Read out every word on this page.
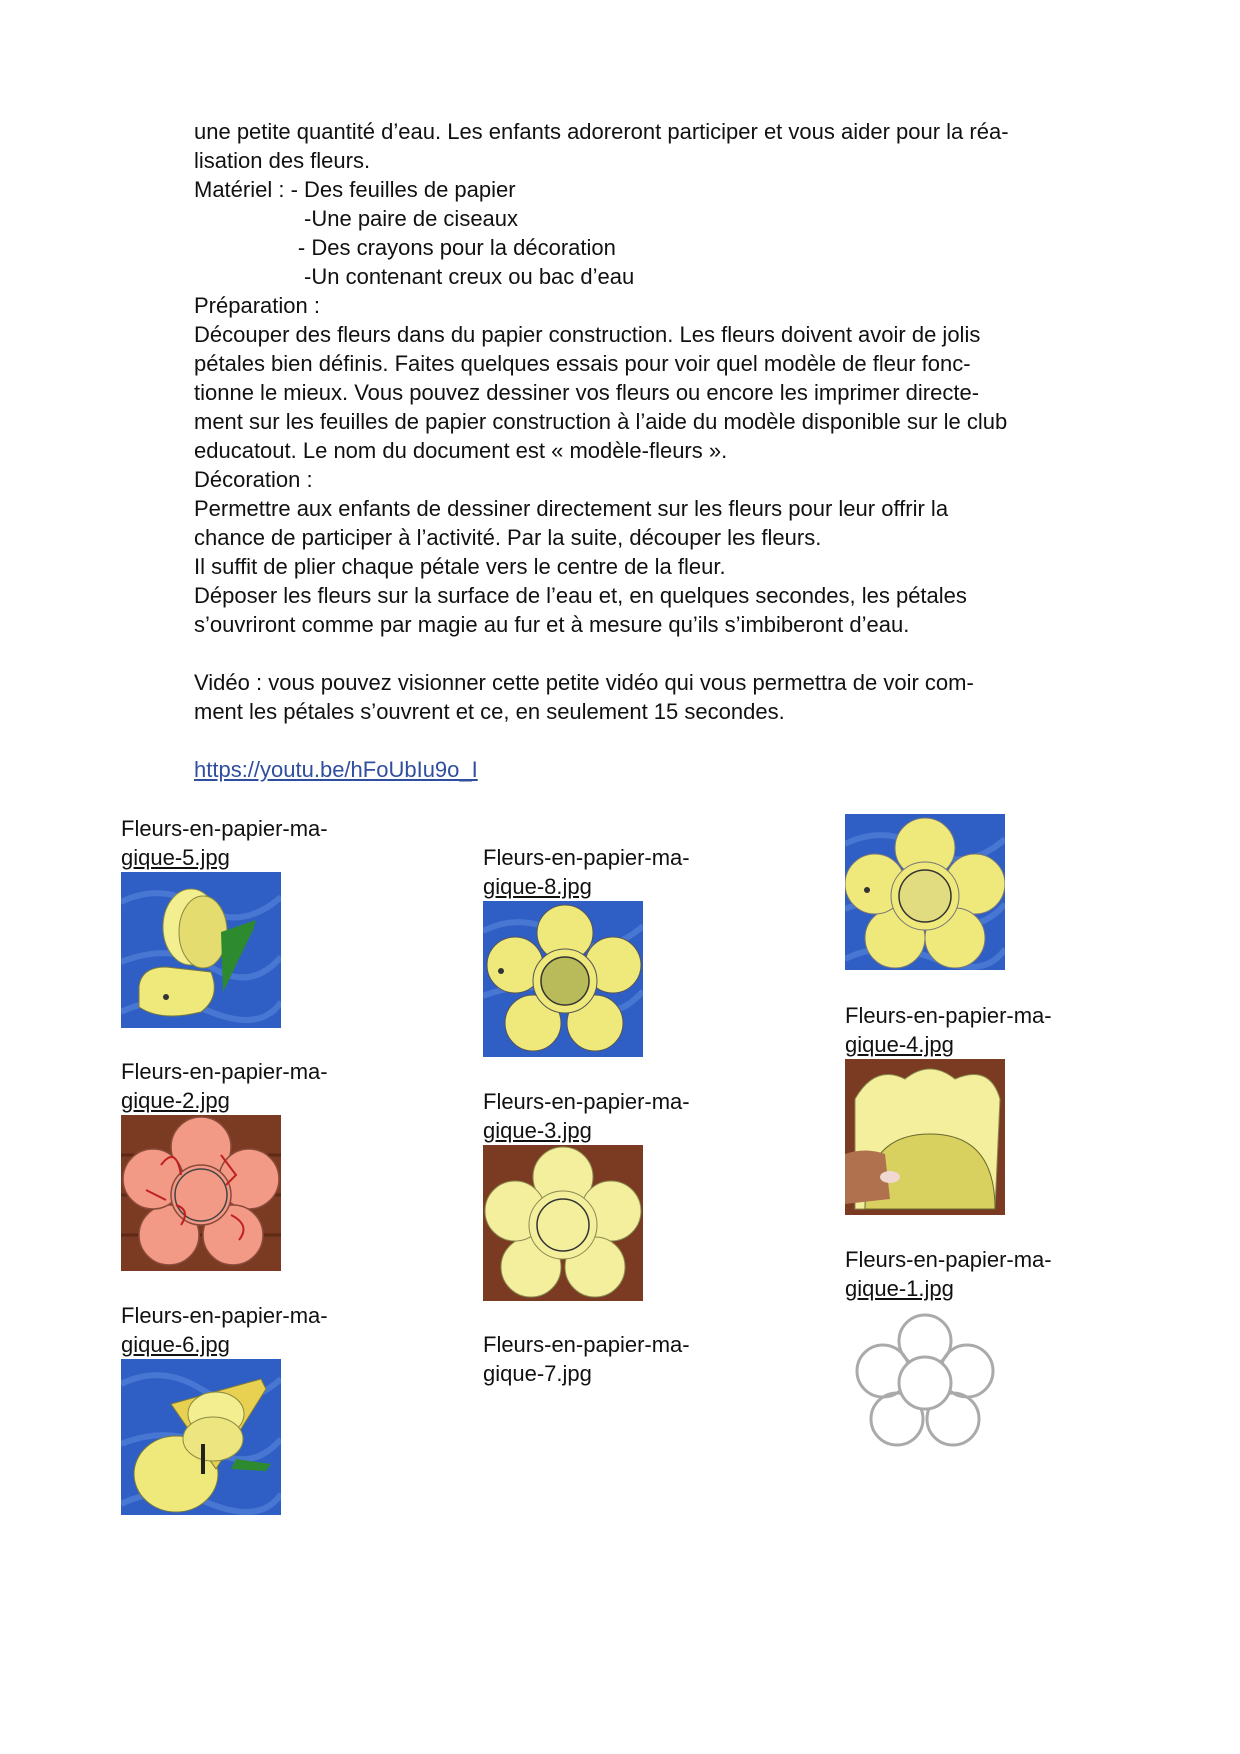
une petite quantité d’eau. Les enfants adoreront participer et vous aider pour la réa-
lisation des fleurs.
Matériel : - Des feuilles de papier
-Une paire de ciseaux
- Des crayons pour la décoration
-Un contenant creux ou bac d’eau
Préparation :
Découper des fleurs dans du papier construction. Les fleurs doivent avoir de jolis
pétales bien définis. Faites quelques essais pour voir quel modèle de fleur fonc-
tionne le mieux. Vous pouvez dessiner vos fleurs ou encore les imprimer directe-
ment sur les feuilles de papier construction à l’aide du modèle disponible sur le club
educatout. Le nom du document est « modèle-fleurs ».
Décoration :
Permettre aux enfants de dessiner directement sur les fleurs pour leur offrir la
chance de participer à l’activité. Par la suite, découper les fleurs.
Il suffit de plier chaque pétale vers le centre de la fleur.
Déposer les fleurs sur la surface de l’eau et, en quelques secondes, les pétales
s’ouvriront comme par magie au fur et à mesure qu’ils s’imbiberont d’eau.
Vidéo : vous pouvez visionner cette petite vidéo qui vous permettra de voir com-
ment les pétales s’ouvrent et ce, en seulement 15 secondes.
https://youtu.be/hFoUbIu9o_I
Fleurs-en-papier-ma-
gique-5.jpg
Fleurs-en-papier-ma-
gique-2.jpg
Fleurs-en-papier-ma-
gique-6.jpg
Fleurs-en-papier-ma-
gique-8.jpg
Fleurs-en-papier-ma-
gique-3.jpg
Fleurs-en-papier-ma-
gique-7.jpg
Fleurs-en-papier-ma-
gique-4.jpg
Fleurs-en-papier-ma-
gique-1.jpg
